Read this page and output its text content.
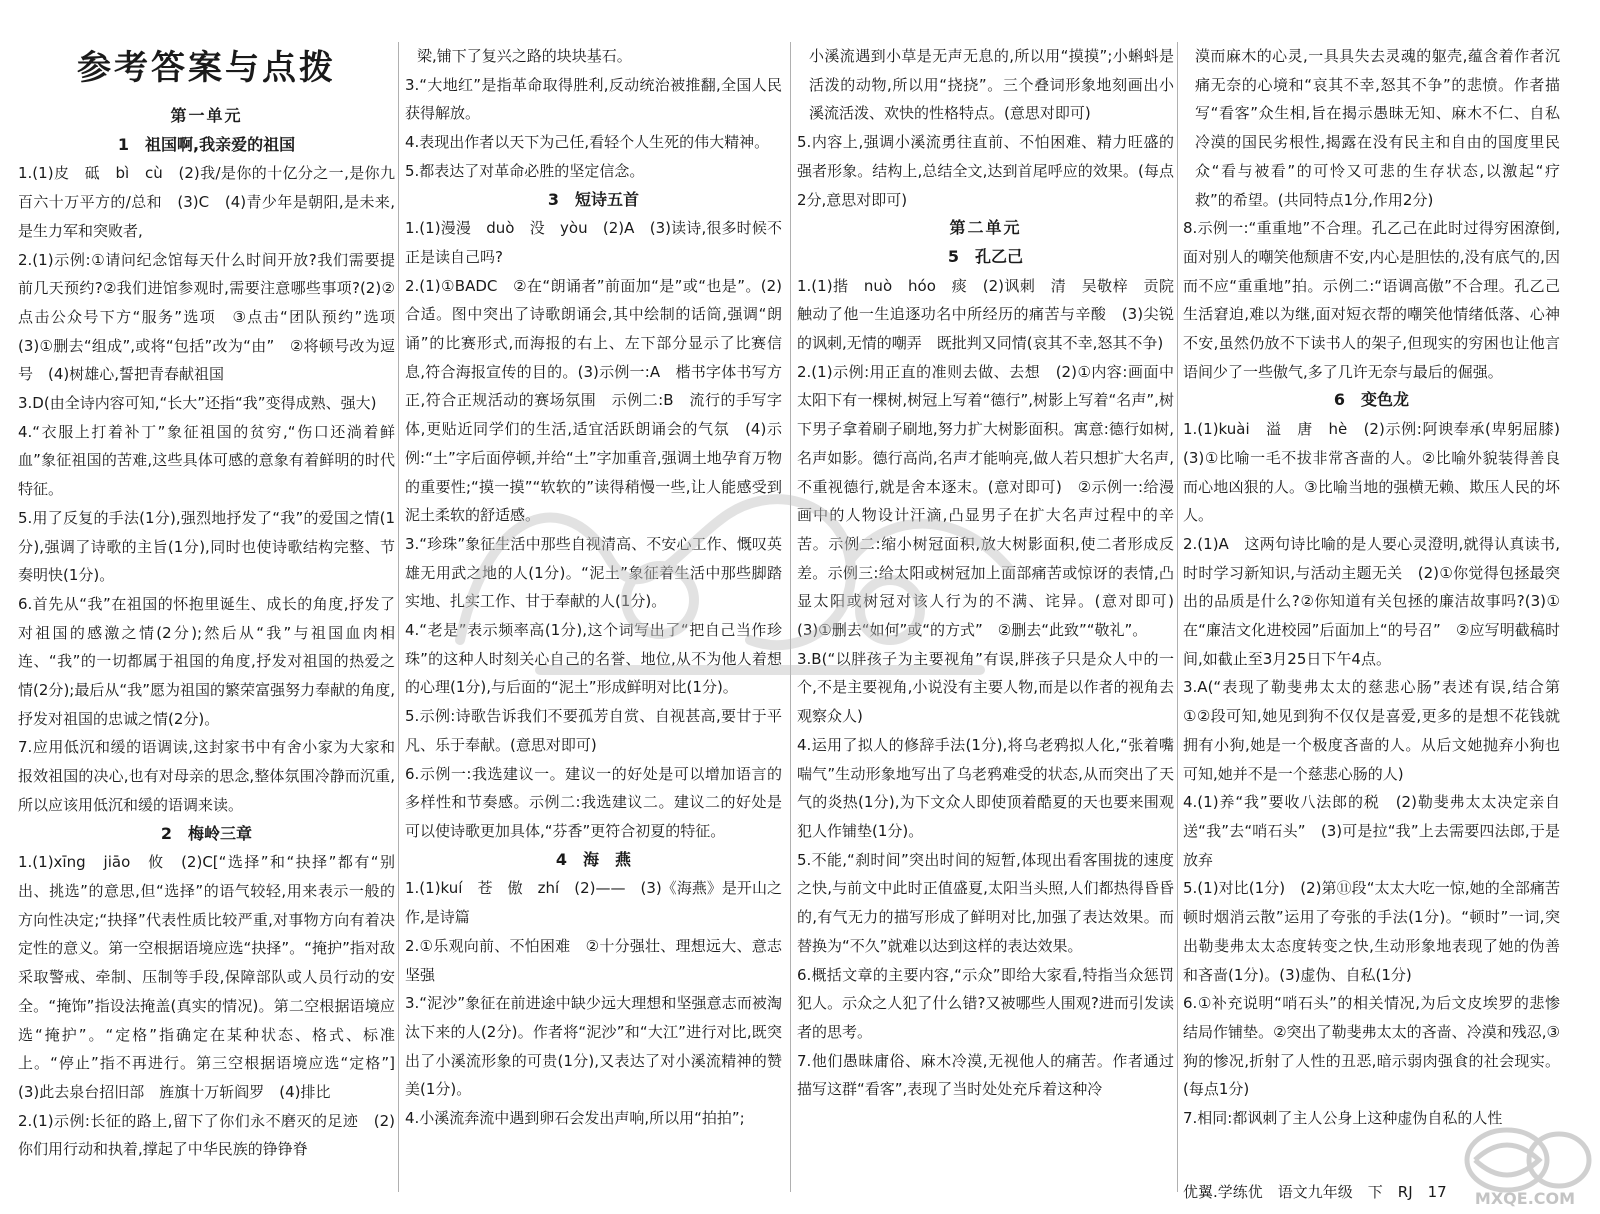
参考答案与点拨

第一单元

1　祖国啊,我亲爱的祖国

1.(1)皮　砥　bì　cù　(2)我/是你的十亿分之一,是你九百六十万平方的/总和　(3)C　(4)青少年是朝阳,是未来,是生力军和突败者,

2.(1)示例:①请问纪念馆每天什么时间开放?我们需要提前几天预约?②我们进馆参观时,需要注意哪些事项?(2)②点击公众号下方“服务”选项　③点击“团队预约”选项　(3)①删去“组成”,或将“包括”改为“由”　②将顿号改为逗号　(4)树雄心,誓把青春献祖国

3.D(由全诗内容可知,“长大”还指“我”变得成熟、强大)

4.“衣服上打着补丁”象征祖国的贫穷,“伤口还淌着鲜血”象征祖国的苦难,这些具体可感的意象有着鲜明的时代特征。

5.用了反复的手法(1分),强烈地抒发了“我”的爱国之情(1分),强调了诗歌的主旨(1分),同时也使诗歌结构完整、节奏明快(1分)。

6.首先从“我”在祖国的怀抱里诞生、成长的角度,抒发了对祖国的感激之情(2分);然后从“我”与祖国血肉相连、“我”的一切都属于祖国的角度,抒发对祖国的热爱之情(2分);最后从“我”愿为祖国的繁荣富强努力奉献的角度,抒发对祖国的忠诚之情(2分)。

7.应用低沉和缓的语调读,这封家书中有舍小家为大家和报效祖国的决心,也有对母亲的思念,整体氛围冷静而沉重,所以应该用低沉和缓的语调来读。

2　梅岭三章

1.(1)xīng　jiāo　攸　(2)C[“选择”和“抉择”都有“别出、挑选”的意思,但“选择”的语气较轻,用来表示一般的方向性决定;“抉择”代表性质比较严重,对事物方向有着决定性的意义。第一空根据语境应选“抉择”。“掩护”指对敌采取警戒、牵制、压制等手段,保障部队或人员行动的安全。“掩饰”指设法掩盖(真实的情况)。第二空根据语境应选“掩护”。“定格”指确定在某种状态、格式、标准上。“停止”指不再进行。第三空根据语境应选“定格”]　(3)此去泉台招旧部　旌旗十万斩阎罗　(4)排比

2.(1)示例:长征的路上,留下了你们永不磨灭的足迹　(2)你们用行动和执着,撑起了中华民族的铮铮脊

梁,铺下了复兴之路的块块基石。

3.“大地红”是指革命取得胜利,反动统治被推翻,全国人民获得解放。

4.表现出作者以天下为己任,看轻个人生死的伟大精神。

5.都表达了对革命必胜的坚定信念。

3　短诗五首

1.(1)漫漫　duò　没　yòu　(2)A　(3)读诗,很多时候不正是读自己吗?

2.(1)①BADC　②在“朗诵者”前面加“是”或“也是”。(2)合适。图中突出了诗歌朗诵会,其中绘制的话筒,强调“朗诵”的比赛形式,而海报的右上、左下部分显示了比赛信息,符合海报宣传的目的。(3)示例一:A　楷书字体书写方正,符合正规活动的赛场氛围　示例二:B　流行的手写字体,更贴近同学们的生活,适宜活跃朗诵会的气氛　(4)示例:“土”字后面停顿,并给“土”字加重音,强调土地孕育万物的重要性;“摸一摸”“软软的”读得稍慢一些,让人能感受到泥土柔软的舒适感。

3.“珍珠”象征生活中那些自视清高、不安心工作、慨叹英雄无用武之地的人(1分)。“泥土”象征着生活中那些脚踏实地、扎实工作、甘于奉献的人(1分)。

4.“老是”表示频率高(1分),这个词写出了“把自己当作珍珠”的这种人时刻关心自己的名誉、地位,从不为他人着想的心理(1分),与后面的“泥土”形成鲜明对比(1分)。

5.示例:诗歌告诉我们不要孤芳自赏、自视甚高,要甘于平凡、乐于奉献。(意思对即可)

6.示例一:我选建议一。建议一的好处是可以增加语言的多样性和节奏感。示例二:我选建议二。建议二的好处是可以使诗歌更加具体,“芬香”更符合初夏的特征。

4　海　燕

1.(1)kuí　苍　傲　zhí　(2)——　(3)《海燕》是开山之作,是诗篇

2.①乐观向前、不怕困难　②十分强壮、理想远大、意志坚强

3.“泥沙”象征在前进途中缺少远大理想和坚强意志而被淘汰下来的人(2分)。作者将“泥沙”和“大江”进行对比,既突出了小溪流形象的可贵(1分),又表达了对小溪流精神的赞美(1分)。

4.小溪流奔流中遇到卵石会发出声响,所以用“拍拍”;

小溪流遇到小草是无声无息的,所以用“摸摸”;小蝌蚪是活泼的动物,所以用“挠挠”。三个叠词形象地刻画出小溪流活泼、欢快的性格特点。(意思对即可)

5.内容上,强调小溪流勇往直前、不怕困难、精力旺盛的强者形象。结构上,总结全文,达到首尾呼应的效果。(每点2分,意思对即可)

第二单元

5　孔乙己

1.(1)揩　nuò　hóo　痰　(2)讽刺　清　吴敬梓　贡院触动了他一生追逐功名中所经历的痛苦与辛酸　(3)尖锐的讽刺,无情的嘲弄　既批判又同情(哀其不幸,怒其不争)

2.(1)示例:用正直的准则去做、去想　(2)①内容:画面中太阳下有一棵树,树冠上写着“德行”,树影上写着“名声”,树下男子拿着刷子刷地,努力扩大树影面积。寓意:德行如树,名声如影。德行高尚,名声才能响亮,做人若只想扩大名声,不重视德行,就是舍本逐末。(意对即可)　②示例一:给漫画中的人物设计汗滴,凸显男子在扩大名声过程中的辛苦。示例二:缩小树冠面积,放大树影面积,使二者形成反差。示例三:给太阳或树冠加上面部痛苦或惊讶的表情,凸显太阳或树冠对该人行为的不满、诧异。(意对即可)　(3)①删去“如何”或“的方式”　②删去“此致”“敬礼”。

3.B(“以胖孩子为主要视角”有误,胖孩子只是众人中的一个,不是主要视角,小说没有主要人物,而是以作者的视角去观察众人)

4.运用了拟人的修辞手法(1分),将乌老鸦拟人化,“张着嘴喘气”生动形象地写出了乌老鸦难受的状态,从而突出了天气的炎热(1分),为下文众人即使顶着酷夏的天也要来围观犯人作铺垫(1分)。

5.不能,“刹时间”突出时间的短暂,体现出看客围拢的速度之快,与前文中此时正值盛夏,太阳当头照,人们都热得昏昏的,有气无力的描写形成了鲜明对比,加强了表达效果。而替换为“不久”就难以达到这样的表达效果。

6.概括文章的主要内容,“示众”即给大家看,特指当众惩罚犯人。示众之人犯了什么错?又被哪些人围观?进而引发读者的思考。

7.他们愚昧庸俗、麻木冷漠,无视他人的痛苦。作者通过描写这群“看客”,表现了当时处处充斥着这种冷

漠而麻木的心灵,一具具失去灵魂的躯壳,蕴含着作者沉痛无奈的心境和“哀其不幸,怒其不争”的悲愤。作者描写“看客”众生相,旨在揭示愚昧无知、麻木不仁、自私冷漠的国民劣根性,揭露在没有民主和自由的国度里民众“看与被看”的可怜又可悲的生存状态,以激起“疗救”的希望。(共同特点1分,作用2分)

8.示例一:“重重地”不合理。孔乙己在此时过得穷困潦倒,面对别人的嘲笑他颓唐不安,内心是胆怯的,没有底气的,因而不应“重重地”拍。示例二:“语调高傲”不合理。孔乙己生活窘迫,难以为继,面对短衣帮的嘲笑他情绪低落、心神不安,虽然仍放不下读书人的架子,但现实的穷困也让他言语间少了一些傲气,多了几许无奈与最后的倔强。

6　变色龙

1.(1)kuài　溢　唐　hè　(2)示例:阿谀奉承(卑躬屈膝)　(3)①比喻一毛不拔非常吝啬的人。②比喻外貌装得善良而心地凶狠的人。③比喻当地的强横无赖、欺压人民的坏人。

2.(1)A　这两句诗比喻的是人要心灵澄明,就得认真读书,时时学习新知识,与活动主题无关　(2)①你觉得包拯最突出的品质是什么?②你知道有关包拯的廉洁故事吗?(3)①在“廉洁文化进校园”后面加上“的号召”　②应写明截稿时间,如截止至3月25日下午4点。

3.A(“表现了勒斐弗太太的慈悲心肠”表述有误,结合第①②段可知,她见到狗不仅仅是喜爱,更多的是想不花钱就拥有小狗,她是一个极度吝啬的人。从后文她抛弃小狗也可知,她并不是一个慈悲心肠的人)

4.(1)养“我”要收八法郎的税　(2)勒斐弗太太决定亲自送“我”去“哨石头”　(3)可是拉“我”上去需要四法郎,于是放弃

5.(1)对比(1分)　(2)第⑪段“太太大吃一惊,她的全部痛苦顿时烟消云散”运用了夸张的手法(1分)。“顿时”一词,突出勒斐弗太太态度转变之快,生动形象地表现了她的伪善和吝啬(1分)。(3)虚伪、自私(1分)

6.①补充说明“哨石头”的相关情况,为后文皮埃罗的悲惨结局作铺垫。②突出了勒斐弗太太的吝啬、冷漠和残忍,③狗的惨况,折射了人性的丑恶,暗示弱肉强食的社会现实。(每点1分)

7.相同:都讽刺了主人公身上这种虚伪自私的人性

MXQE.COM
优翼.学练优　语文九年级　下　RJ　17
